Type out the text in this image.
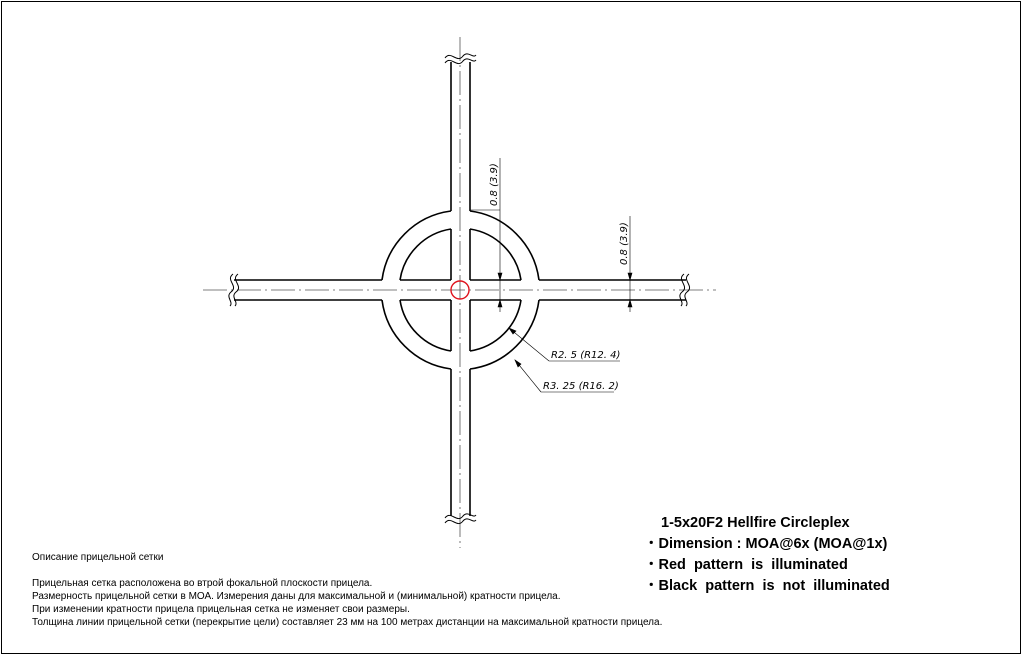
0.8 (3.9)
0.8 (3.9)
R2. 5 (R12. 4)
R3. 25 (R16. 2)
1-5x20F2 Hellfire Circleplex
・Dimension : MOA@6x (MOA@1x)
・Red  pattern  is  illuminated
・Black  pattern  is  not  illuminated
Описание прицельной сетки
Прицельная сетка расположена во втрой фокальной плоскости прицела.
Размерность прицельной сетки в МОА. Измерения даны для максимальной и (минимальной) кратности прицела.
При изменении кратности прицела прицельная сетка не изменяет свои размеры.
Толщина линии прицельной сетки (перекрытие цели) составляет 23 мм на 100 метрах дистанции на максимальной кратности прицела.
